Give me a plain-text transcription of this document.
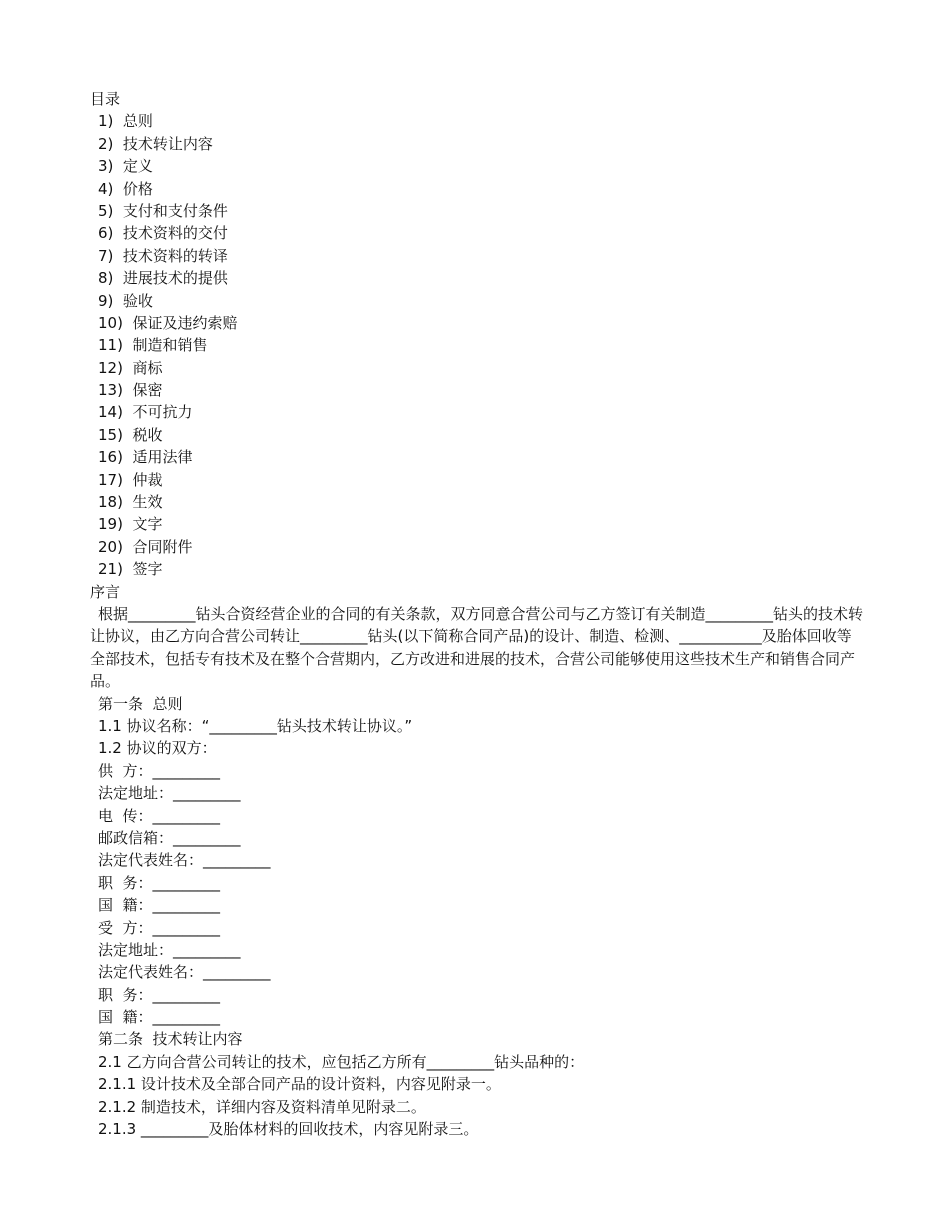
目录
1)  总则
2)  技术转让内容
3)  定义
4)  价格
5)  支付和支付条件
6)  技术资料的交付
7)  技术资料的转译
8)  进展技术的提供
9)  验收
10)  保证及违约索赔
11)  制造和销售
12)  商标
13)  保密
14)  不可抗力
15)  税收
16)  适用法律
17)  仲裁
18)  生效
19)  文字
20)  合同附件
21)  签字
序言
根据_________钻头合资经营企业的合同的有关条款，双方同意合营公司与乙方签订有关制造_________钻头的技术转让协议，由乙方向合营公司转让_________钻头(以下简称合同产品)的设计、制造、检测、___________及胎体回收等全部技术，包括专有技术及在整个合营期内，乙方改进和进展的技术，合营公司能够使用这些技术生产和销售合同产品。
第一条  总则
1.1 协议名称：“_________钻头技术转让协议。”
1.2 协议的双方：
供  方：_________
法定地址：_________
电  传：_________
邮政信箱：_________
法定代表姓名：_________
职  务：_________
国  籍：_________
受  方：_________
法定地址：_________
法定代表姓名：_________
职  务：_________
国  籍：_________
第二条  技术转让内容
2.1 乙方向合营公司转让的技术，应包括乙方所有_________钻头品种的：
2.1.1 设计技术及全部合同产品的设计资料，内容见附录一。
2.1.2 制造技术，详细内容及资料清单见附录二。
2.1.3 _________及胎体材料的回收技术，内容见附录三。
